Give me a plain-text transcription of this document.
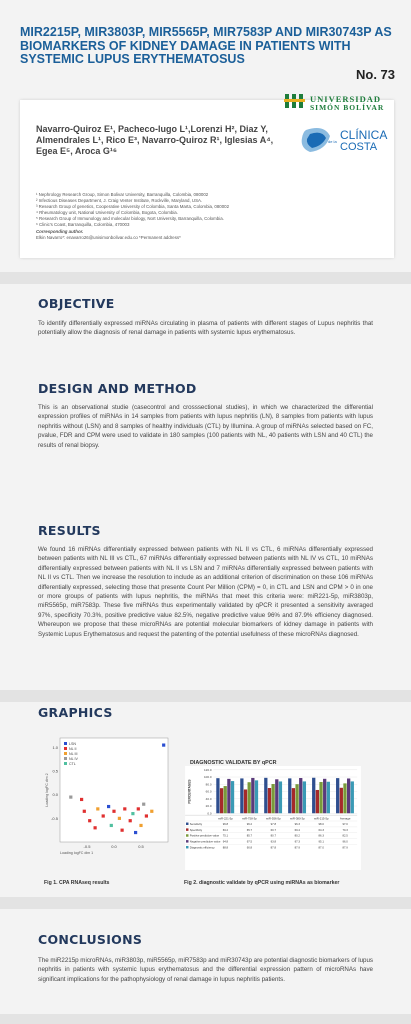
MIR2215P, MIR3803P, MIR5565P, MIR7583P AND MIR30743P AS BIOMARKERS OF KIDNEY DAMAGE IN PATIENTS WITH SYSTEMIC LUPUS ERYTHEMATOSUS
No. 73
Navarro-Quiroz E¹, Pacheco-lugo L¹,Lorenzi H², Diaz Y, Almendrales L¹, Rico E³, Navarro-Quiroz R¹, Iglesias A⁴, Egea E⁵, Aroca G¹⁶
¹ Nephrology Research Group, Simon Bolivar University, Barranquilla, Colombia, 080002
² Infectious Diseases Department, J. Craig Venter Institute, Rockville, Maryland, USA.
³ Research Group of genetics, Cooperative University of Colombia, Santa Marta, Colombia, 080002
⁴ Rheumatology unit, National University of Colombia, Bogota, Colombia.
⁵ Research Group of Immunology and molecular biology, Nort University, Barranquilla, Colombia.
⁶ Clinic's Coast, Barranquilla, Colombia, 470003
Corresponding author.
Elkin Navarro*: enavarro26@unisimonbolivar.edu.co *Permanent address*
UNIVERSIDAD
SIMÓN BOLÍVAR
CLÍNICA
de la COSTA
OBJECTIVE
To identify differentially expressed miRNAs circulating in plasma of patients with different stages of Lupus nephritis that potentially allow the diagnosis of renal damage in patients with systemic lupus erythematosus.
DESIGN AND METHOD
This is an observational studie (casecontrol and crosssectional studies), in which we characterized the differential expression profiles of miRNAs in 14 samples from patients with lupus nephritis (LN), 8 samples from patients with lupus nephritis without (LSN) and 8 samples of healthy individuals (CTL) by Illumina. A group of miRNAs selected based on FC, pvalue, FDR and CPM were used to validate in 180 samples (100 patients with NL, 40 patients with LSN and 40 CTL) the results of renal biopsy.
RESULTS
We found 16 miRNAs differentially expressed between patients with NL II vs CTL, 6 miRNAs differentially expressed between patients with NL III vs CTL, 67 miRNAs differentially expressed between patients with NL IV vs CTL, 10 miRNAs differentially expressed between patients with NL II vs LSN and 7 miRNAs differentially expressed between patients with NL II vs CTL. Then we increase the resolution to include as an additional criterion of discrimination on these 106 miRNAs differentially expressed, selecting those that presente Count Per Million (CPM) = 0, in CTL and LSN and CPM > 0 in one or more groups of patients with lupus nephritis, the miRNAs that meet this criteria were: miR221-5p, miR3803p, miR5565p, miR7583p. These five miRNAs thus experimentally validated by qPCR it presented a sensitivity averaged 97%, specificity 70.3%, positive predictive value 82.5%, negative predictive value 96% and 87.9% efficiency diagnosed. Whereupon we propose that these microRNAs are potential molecular biomarkers of kidney damage in patients with Systemic Lupus Erythematosus and request the patenting of the potential usefulness of these microRNAs diagnosed.
GRAPHICS
-0.5	0.0	0.5
1.0
0.5
0.0
-0.5
Loading logFC dim 1
Loading logFC dim 2
LSN
NL II
NL III
NL IV
CTL
Fig 1. CPA RNAseq results
DIAGNOSTIC VALIDATE BY qPCR
120.0
100.0
80.0
60.0
40.0
20.0
0.0
PERCENTAGES
miR-221-5p	miR-758-3p	miR-556-5p	miR-380-3p	miR-215-5p	Average
Sensitivity	96.8	96.2	97.8	96.3	98.0	97.0
Specificity	69.2	65.7	69.7	69.4	64.3	70.3
Positive predictive value 75.1	85.7	80.7	80.2	86.3	82.5
Negative predictive value 94.8	97.5	93.8	97.3	95.1	96.0
Diagnostic efficiency	88.8	90.8	87.8	87.9	87.0	87.9
Fig 2. diagnostic validate by qPCR using miRNAs as biomarker
CONCLUSIONS
The miR2215p microRNAs, miR3803p, miR5565p, miR7583p and miR30743p are potential diagnostic biomarkers of lupus nephritis in patients with systemic lupus erythematosus and the differential expression pattern of microRNAs have significant implications for the pathophysiology of renal damage in lupus nephritis patients.
